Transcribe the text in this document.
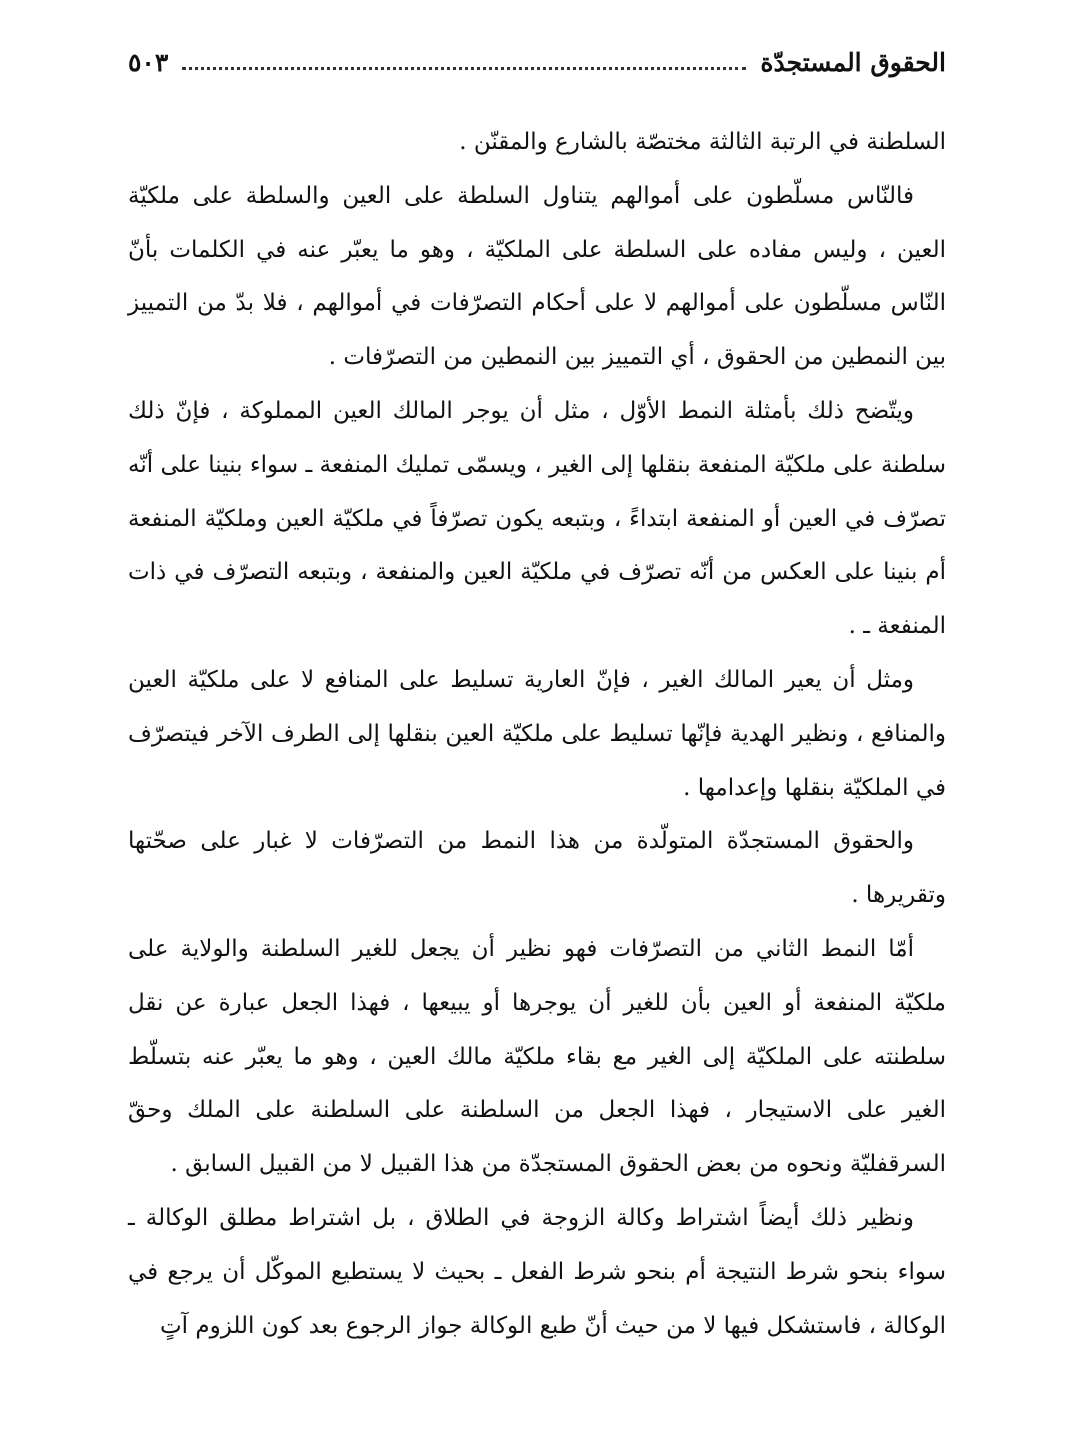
الحقوق المستجدّة
٥٠٣

السلطنة في الرتبة الثالثة مختصّة بالشارع والمقنّن .

فالنّاس مسلّطون على أموالهم يتناول السلطة على العين والسلطة على ملكيّة العين ، وليس مفاده على السلطة على الملكيّة ، وهو ما يعبّر عنه في الكلمات بأنّ النّاس مسلّطون على أموالهم لا على أحكام التصرّفات في أموالهم ، فلا بدّ من التمييز بين النمطين من الحقوق ، أي التمييز بين النمطين من التصرّفات .

ويتّضح ذلك بأمثلة النمط الأوّل ، مثل أن يوجر المالك العين المملوكة ، فإنّ ذلك سلطنة على ملكيّة المنفعة بنقلها إلى الغير ، ويسمّى تمليك المنفعة ـ سواء بنينا على أنّه تصرّف في العين أو المنفعة ابتداءً ، وبتبعه يكون تصرّفاً في ملكيّة العين وملكيّة المنفعة أم بنينا على العكس من أنّه تصرّف في ملكيّة العين والمنفعة ، وبتبعه التصرّف في ذات المنفعة ـ .

ومثل أن يعير المالك الغير ، فإنّ العارية تسليط على المنافع لا على ملكيّة العين والمنافع ، ونظير الهدية فإنّها تسليط على ملكيّة العين بنقلها إلى الطرف الآخر فيتصرّف في الملكيّة بنقلها وإعدامها .

والحقوق المستجدّة المتولّدة من هذا النمط من التصرّفات لا غبار على صحّتها وتقريرها .

أمّا النمط الثاني من التصرّفات فهو نظير أن يجعل للغير السلطنة والولاية على ملكيّة المنفعة أو العين بأن للغير أن يوجرها أو يبيعها ، فهذا الجعل عبارة عن نقل سلطنته على الملكيّة إلى الغير مع بقاء ملكيّة مالك العين ، وهو ما يعبّر عنه بتسلّط الغير على الاستيجار ، فهذا الجعل من السلطنة على السلطنة على الملك وحقّ السرقفليّة ونحوه من بعض الحقوق المستجدّة من هذا القبيل لا من القبيل السابق .

ونظير ذلك أيضاً اشتراط وكالة الزوجة في الطلاق ، بل اشتراط مطلق الوكالة ـ سواء بنحو شرط النتيجة أم بنحو شرط الفعل ـ بحيث لا يستطيع الموكّل أن يرجع في الوكالة ، فاستشكل فيها لا من حيث أنّ طبع الوكالة جواز الرجوع بعد كون اللزوم آتٍ
